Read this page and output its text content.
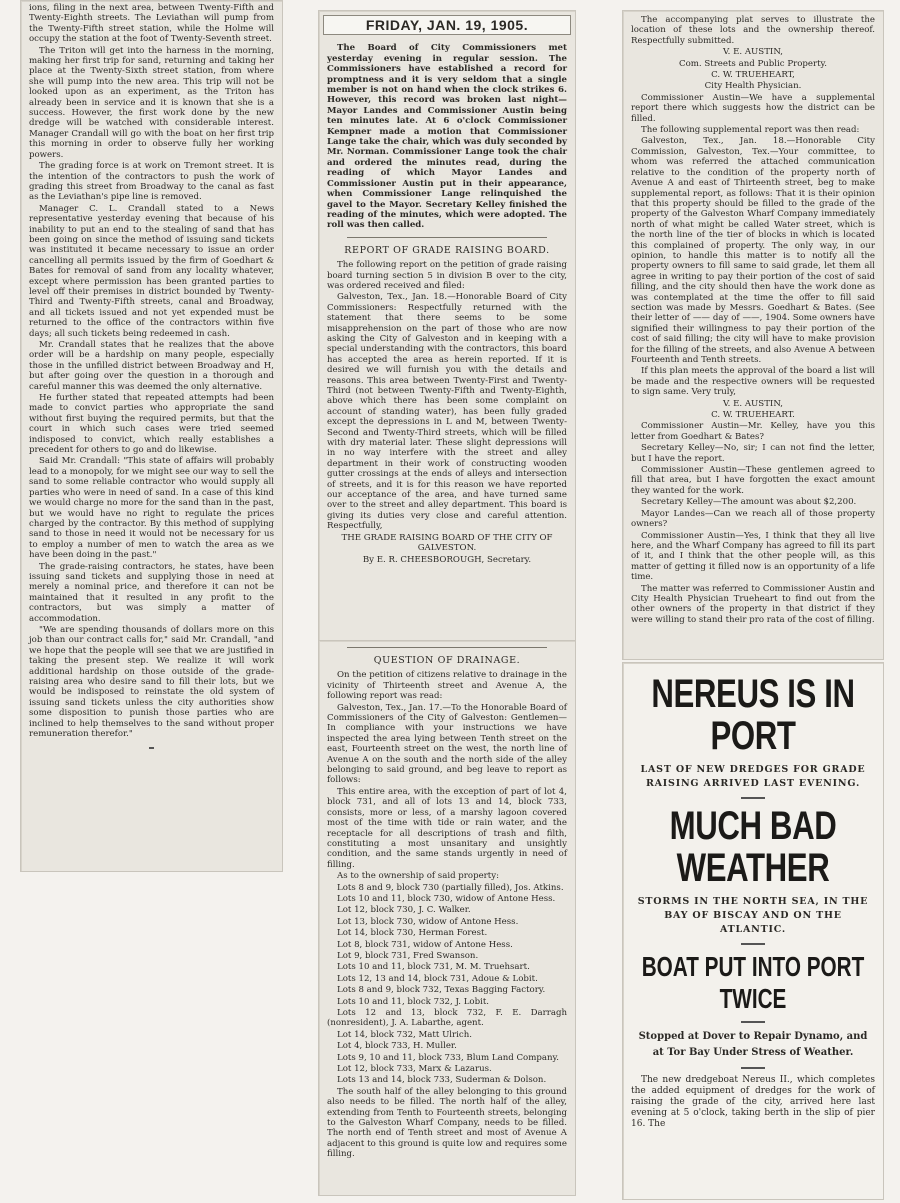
ions, filing in the next area, between Twenty-Fifth and Twenty-Eighth streets. The Leviathan will pump from the Twenty-Fifth street station, while the Holme will occupy the station at the foot of Twenty-Seventh street.

The Triton will get into the harness in the morning, making her first trip for sand, returning and taking her place at the Twenty-Sixth street station, from where she will pump into the new area. This trip will not be looked upon as an experiment, as the Triton has already been in service and it is known that she is a success. However, the first work done by the new dredge will be watched with considerable interest. Manager Crandall will go with the boat on her first trip this morning in order to observe fully her working powers.

The grading force is at work on Tremont street. It is the intention of the contractors to push the work of grading this street from Broadway to the canal as fast as the Leviathan's pipe line is removed.

Manager C. L. Crandall stated to a News representative yesterday evening that because of his inability to put an end to the stealing of sand that has been going on since the method of issuing sand tickets was instituted it became necessary to issue an order cancelling all permits issued by the firm of Goedhart & Bates for removal of sand from any locality whatever, except where permission has been granted parties to level off their premises in district bounded by Twenty-Third and Twenty-Fifth streets, canal and Broadway, and all tickets issued and not yet expended must be returned to the office of the contractors within five days; all such tickets being redeemed in cash.

Mr. Crandall states that he realizes that the above order will be a hardship on many people, especially those in the unfilled district between Broadway and H, but after going over the question in a thorough and careful manner this was deemed the only alternative.

He further stated that repeated attempts had been made to convict parties who appropriate the sand without first buying the required permits, but that the court in which such cases were tried seemed indisposed to convict, which really establishes a precedent for others to go and do likewise.

Said Mr. Crandall: "This state of affairs will probably lead to a monopoly, for we might see our way to sell the sand to some reliable contractor who would supply all parties who were in need of sand. In a case of this kind we would charge no more for the sand than in the past, but we would have no right to regulate the prices charged by the contractor. By this method of supplying sand to those in need it would not be necessary for us to employ a number of men to watch the area as we have been doing in the past."

The grade-raising contractors, he states, have been issuing sand tickets and supplying those in need at merely a nominal price, and therefore it can not be maintained that it resulted in any profit to the contractors, but was simply a matter of accommodation.

"We are spending thousands of dollars more on this job than our contract calls for," said Mr. Crandall, "and we hope that the people will see that we are justified in taking the present step. We realize it will work additional hardship on those outside of the grade-raising area who desire sand to fill their lots, but we would be indisposed to reinstate the old system of issuing sand tickets unless the city authorities show some disposition to punish those parties who are inclined to help themselves to the sand without proper remuneration therefor."

FRIDAY, JAN. 19, 1905.

The Board of City Commissioners met yesterday evening in regular session. The Commissioners have established a record for promptness and it is very seldom that a single member is not on hand when the clock strikes 6. However, this record was broken last night—Mayor Landes and Commissioner Austin being ten minutes late. At 6 o'clock Commissioner Kempner made a motion that Commissioner Lange take the chair, which was duly seconded by Mr. Norman. Commissioner Lange took the chair and ordered the minutes read, during the reading of which Mayor Landes and Commissioner Austin put in their appearance, when Commissioner Lange relinquished the gavel to the Mayor. Secretary Kelley finished the reading of the minutes, which were adopted. The roll was then called.

REPORT OF GRADE RAISING BOARD.

The following report on the petition of grade raising board turning section 5 in division B over to the city, was ordered received and filed:

Galveston, Tex., Jan. 18.—Honorable Board of City Commissioners: Respectfully returned with the statement that there seems to be some misapprehension on the part of those who are now asking the City of Galveston and in keeping with a special understanding with the contractors, this board has accepted the area as herein reported. If it is desired we will furnish you with the details and reasons. This area between Twenty-First and Twenty-Third (not between Twenty-Fifth and Twenty-Eighth, above which there has been some complaint on account of standing water), has been fully graded except the depressions in L and M, between Twenty-Second and Twenty-Third streets, which will be filled with dry material later. These slight depressions will in no way interfere with the street and alley department in their work of constructing wooden gutter crossings at the ends of alleys and intersection of streets, and it is for this reason we have reported our acceptance of the area, and have turned same over to the street and alley department. This board is giving its duties very close and careful attention. Respectfully,

THE GRADE RAISING BOARD OF THE CITY OF GALVESTON.

By E. R. CHEESBOROUGH, Secretary.

QUESTION OF DRAINAGE.

On the petition of citizens relative to drainage in the vicinity of Thirteenth street and Avenue A, the following report was read:

Galveston, Tex., Jan. 17.—To the Honorable Board of Commissioners of the City of Galveston: Gentlemen—In compliance with your instructions we have inspected the area lying between Tenth street on the east, Fourteenth street on the west, the north line of Avenue A on the south and the north side of the alley belonging to said ground, and beg leave to report as follows:

This entire area, with the exception of part of lot 4, block 731, and all of lots 13 and 14, block 733, consists, more or less, of a marshy lagoon covered most of the time with tide or rain water, and the receptacle for all descriptions of trash and filth, constituting a most unsanitary and unsightly condition, and the same stands urgently in need of filling.

As to the ownership of said property:

Lots 8 and 9, block 730 (partially filled), Jos. Atkins.

Lots 10 and 11, block 730, widow of Antone Hess.

Lot 12, block 730, J. C. Walker.

Lot 13, block 730, widow of Antone Hess.

Lot 14, block 730, Herman Forest.

Lot 8, block 731, widow of Antone Hess.

Lot 9, block 731, Fred Swanson.

Lots 10 and 11, block 731, M. M. Truehsart.

Lots 12, 13 and 14, block 731, Adoue & Lobit.

Lots 8 and 9, block 732, Texas Bagging Factory.

Lots 10 and 11, block 732, J. Lobit.

Lots 12 and 13, block 732, F. E. Darragh (nonresident), J. A. Labarthe, agent.

Lot 14, block 732, Matt Ulrich.

Lot 4, block 733, H. Muller.

Lots 9, 10 and 11, block 733, Blum Land Company.

Lot 12, block 733, Marx & Lazarus.

Lots 13 and 14, block 733, Suderman & Dolson.

The south half of the alley belonging to this ground also needs to be filled. The north half of the alley, extending from Tenth to Fourteenth streets, belonging to the Galveston Wharf Company, needs to be filled. The north end of Tenth street and most of Avenue A adjacent to this ground is quite low and requires some filling.

The accompanying plat serves to illustrate the location of these lots and the ownership thereof. Respectfully submitted.

V. E. AUSTIN,

Com. Streets and Public Property.

C. W. TRUEHEART,

City Health Physician.

Commissioner Austin—We have a supplemental report there which suggests how the district can be filled.

The following supplemental report was then read:

Galveston, Tex., Jan. 18.—Honorable City Commission, Galveston, Tex.—Your committee, to whom was referred the attached communication relative to the condition of the property north of Avenue A and east of Thirteenth street, beg to make supplemental report, as follows: That it is their opinion that this property should be filled to the grade of the property of the Galveston Wharf Company immediately north of what might be called Water street, which is the north line of the tier of blocks in which is located this complained of property. The only way, in our opinion, to handle this matter is to notify all the property owners to fill same to said grade, let them all agree in writing to pay their portion of the cost of said filling, and the city should then have the work done as was contemplated at the time the offer to fill said section was made by Messrs. Goedhart & Bates. (See their letter of —— day of ——, 1904. Some owners have signified their willingness to pay their portion of the cost of said filling; the city will have to make provision for the filling of the streets, and also Avenue A between Fourteenth and Tenth streets.

If this plan meets the approval of the board a list will be made and the respective owners will be requested to sign same. Very truly,

V. E. AUSTIN,

C. W. TRUEHEART.

Commissioner Austin—Mr. Kelley, have you this letter from Goedhart & Bates?

Secretary Kelley—No, sir; I can not find the letter, but I have the report.

Commissioner Austin—These gentlemen agreed to fill that area, but I have forgotten the exact amount they wanted for the work.

Secretary Kelley—The amount was about $2,200.

Mayor Landes—Can we reach all of those property owners?

Commissioner Austin—Yes, I think that they all live here, and the Wharf Company has agreed to fill its part of it, and I think that the other people will, as this matter of getting it filled now is an opportunity of a life time.

The matter was referred to Commissioner Austin and City Health Physician Trueheart to find out from the other owners of the property in that district if they were willing to stand their pro rata of the cost of filling.

NEREUS IS IN PORT
LAST OF NEW DREDGES FOR GRADE RAISING ARRIVED LAST EVENING.
MUCH BAD WEATHER
STORMS IN THE NORTH SEA, IN THE BAY OF BISCAY AND ON THE ATLANTIC.
BOAT PUT INTO PORT TWICE
Stopped at Dover to Repair Dynamo, and at Tor Bay Under Stress of Weather.

The new dredgeboat Nereus II., which completes the added equipment of dredges for the work of raising the grade of the city, arrived here last evening at 5 o'clock, taking berth in the slip of pier 16. The
